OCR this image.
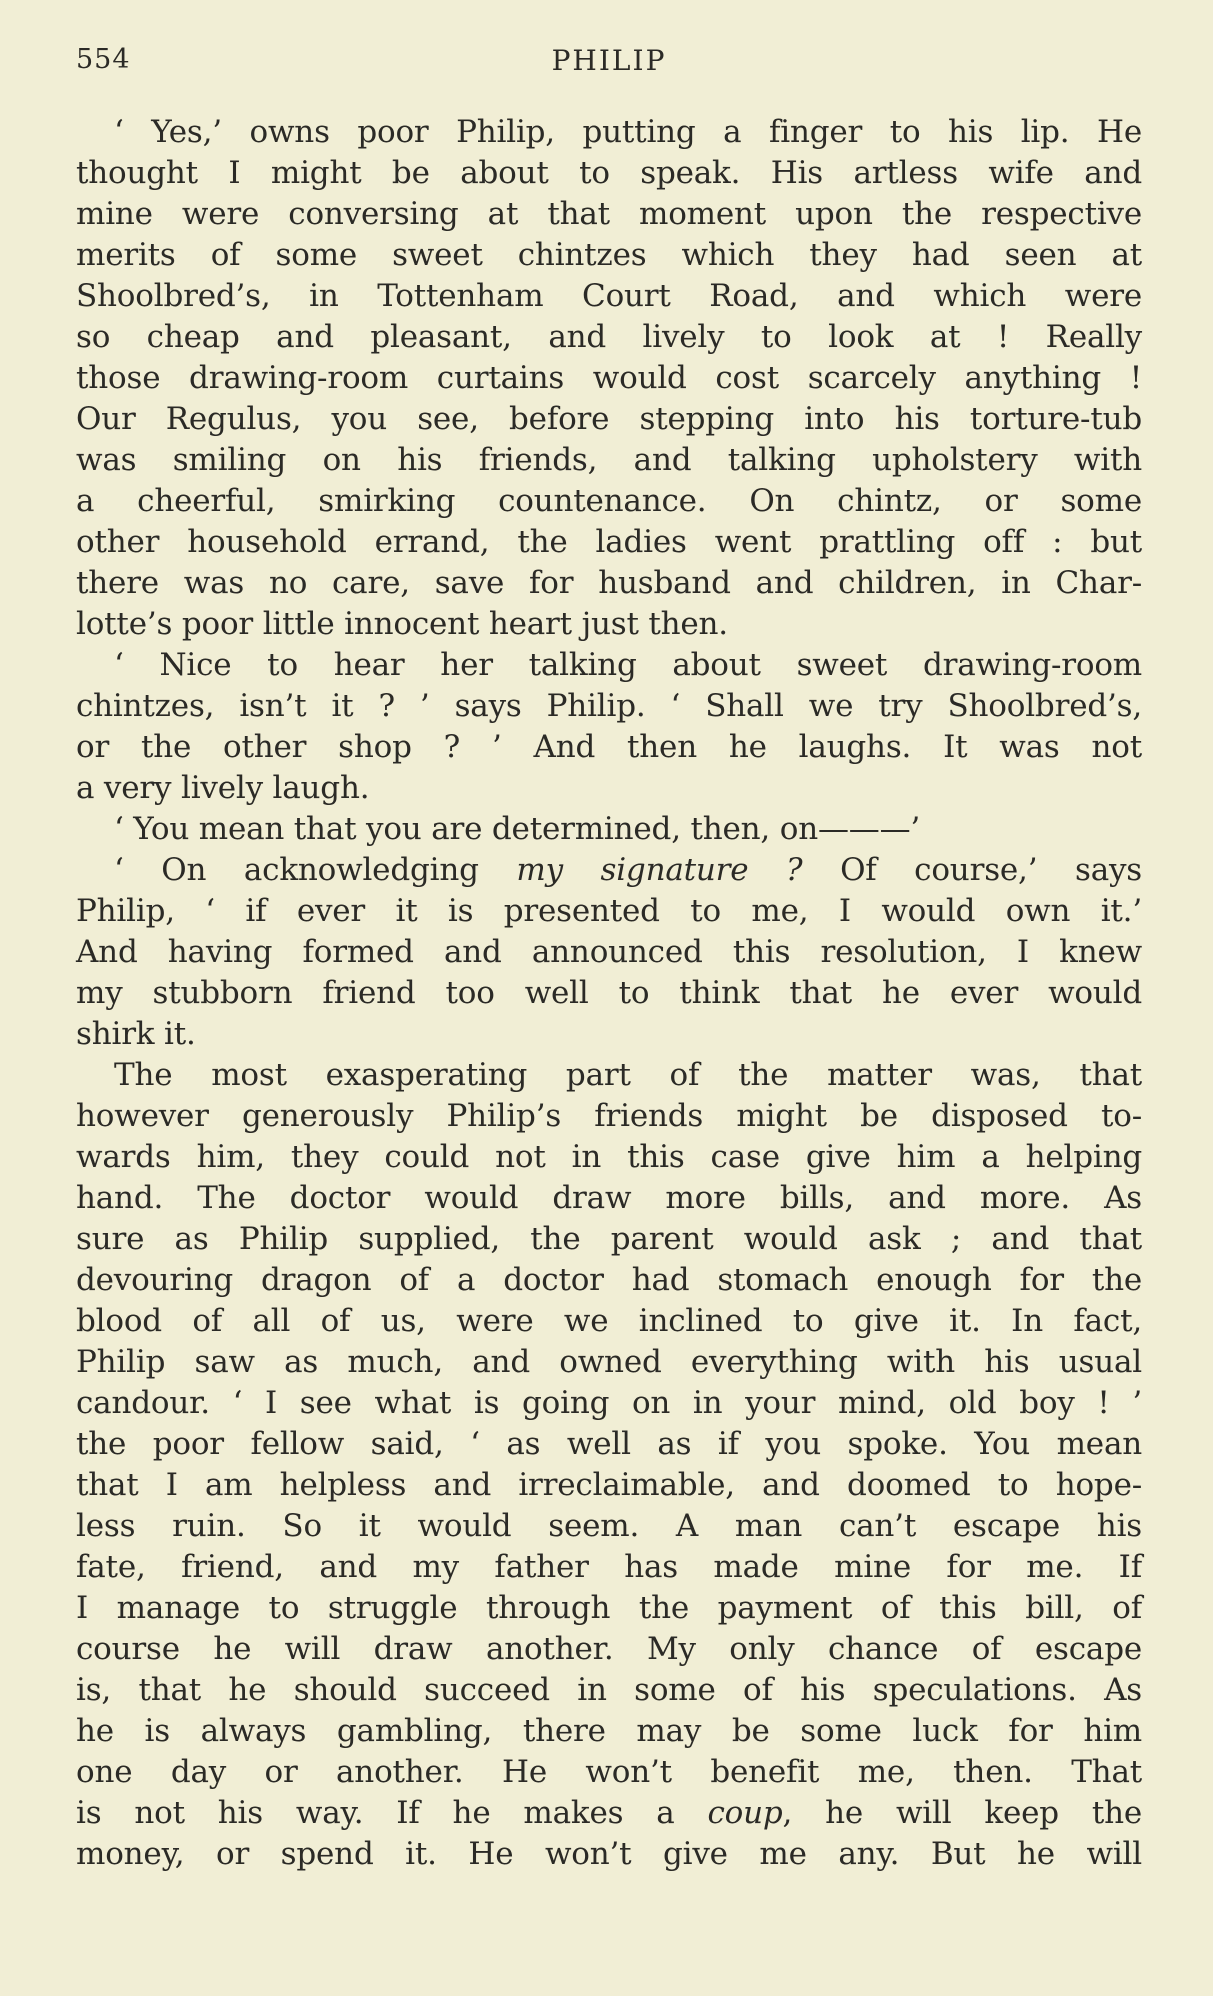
554	PHILIP
‘ Yes,’ owns poor Philip, putting a finger to his lip. He
thought I might be about to speak. His artless wife and
mine were conversing at that moment upon the respective
merits of some sweet chintzes which they had seen at
Shoolbred’s, in Tottenham Court Road, and which were
so cheap and pleasant, and lively to look at ! Really
those drawing-room curtains would cost scarcely anything !
Our Regulus, you see, before stepping into his torture-tub
was smiling on his friends, and talking upholstery with
a cheerful, smirking countenance. On chintz, or some
other household errand, the ladies went prattling off : but
there was no care, save for husband and children, in Char-
lotte’s poor little innocent heart just then.
‘ Nice to hear her talking about sweet drawing-room
chintzes, isn’t it ? ’ says Philip. ‘ Shall we try Shoolbred’s,
or the other shop ? ’ And then he laughs. It was not
a very lively laugh.
‘ You mean that you are determined, then, on———’
‘ On acknowledging my signature ? Of course,’ says
Philip, ‘ if ever it is presented to me, I would own it.’
And having formed and announced this resolution, I knew
my stubborn friend too well to think that he ever would
shirk it.
The most exasperating part of the matter was, that
however generously Philip’s friends might be disposed to-
wards him, they could not in this case give him a helping
hand. The doctor would draw more bills, and more. As
sure as Philip supplied, the parent would ask ; and that
devouring dragon of a doctor had stomach enough for the
blood of all of us, were we inclined to give it. In fact,
Philip saw as much, and owned everything with his usual
candour. ‘ I see what is going on in your mind, old boy ! ’
the poor fellow said, ‘ as well as if you spoke. You mean
that I am helpless and irreclaimable, and doomed to hope-
less ruin. So it would seem. A man can’t escape his
fate, friend, and my father has made mine for me. If
I manage to struggle through the payment of this bill, of
course he will draw another. My only chance of escape
is, that he should succeed in some of his speculations. As
he is always gambling, there may be some luck for him
one day or another. He won’t benefit me, then. That
is not his way. If he makes a coup, he will keep the
money, or spend it. He won’t give me any. But he will
